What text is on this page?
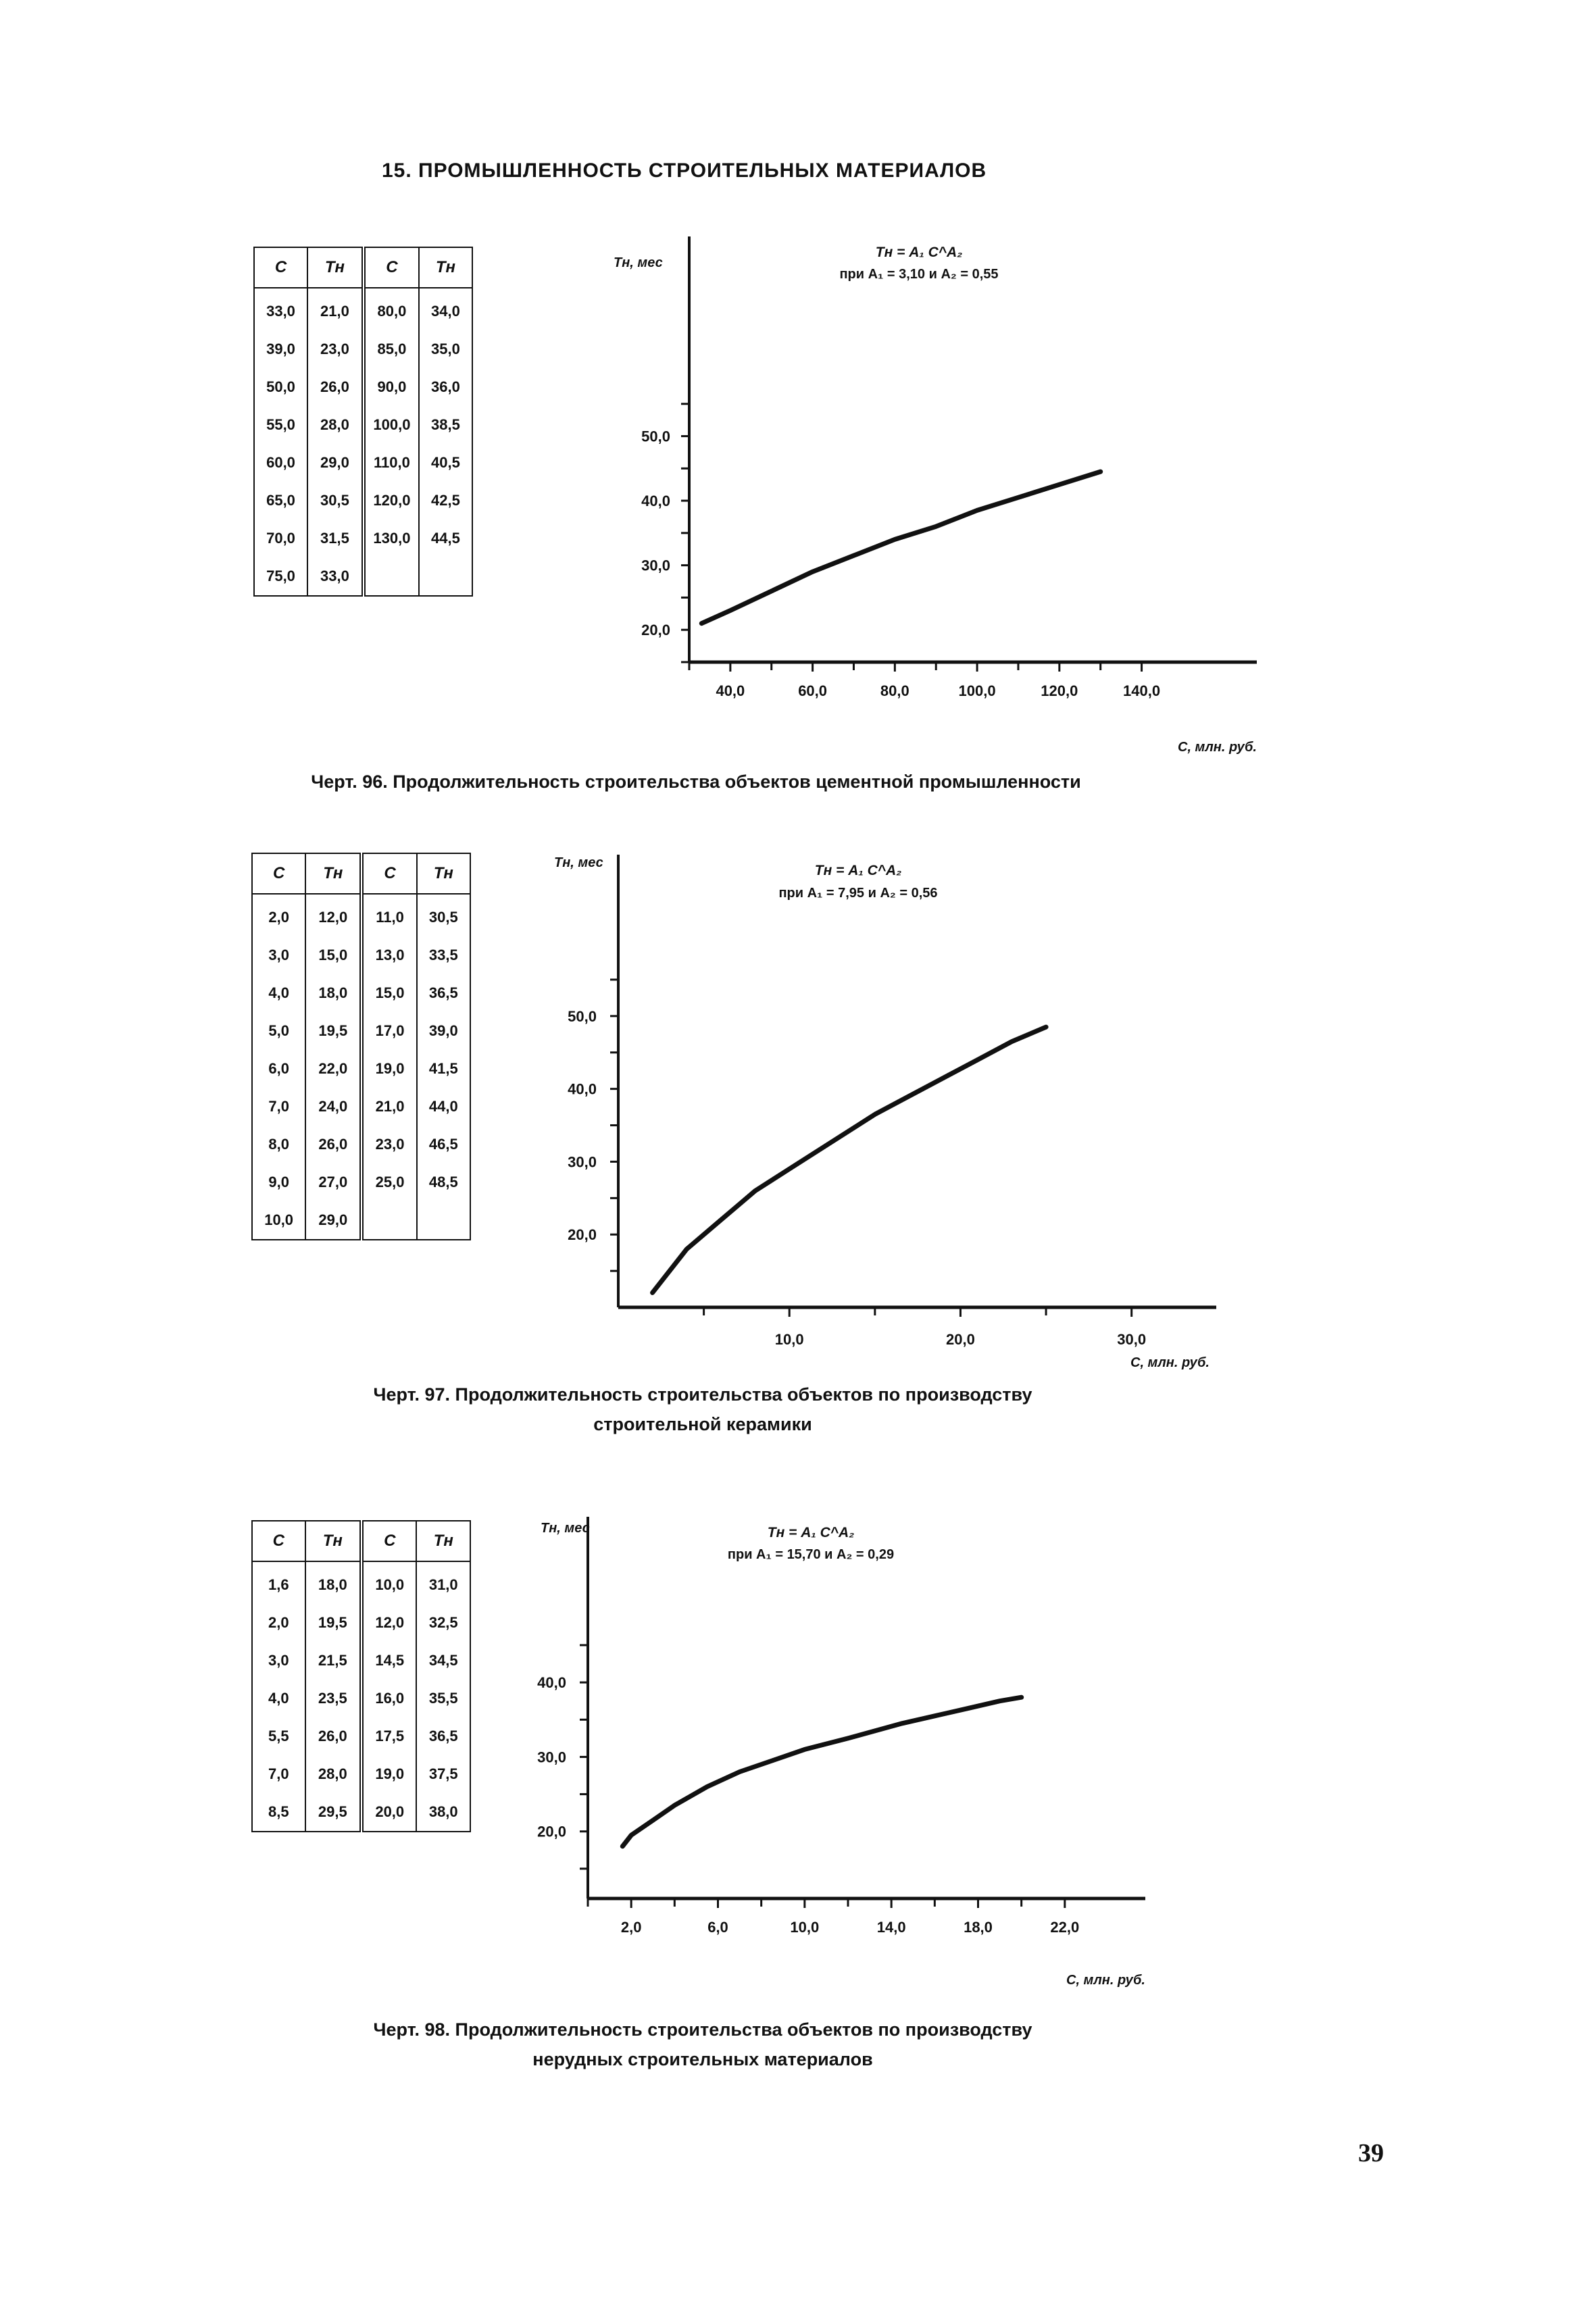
15. ПРОМЫШЛЕННОСТЬ СТРОИТЕЛЬНЫХ МАТЕРИАЛОВ
C	Tн	C	Tн
33,0	21,0	80,0	34,0
39,0	23,0	85,0	35,0
50,0	26,0	90,0	36,0
55,0	28,0	100,0	38,5
60,0	29,0	110,0	40,5
65,0	30,5	120,0	42,5
70,0	31,5	130,0	44,5
75,0	33,0		
40,0	60,0	80,0	100,0	120,0	140,0
20,0
30,0
40,0
50,0
Tн, мес
Tн = A₁ C^A₂
при A₁ = 3,10 и A₂ = 0,55
C, млн. руб.
Черт. 96. Продолжительность строительства объектов цементной промышленности
C	Tн	C	Tн
2,0	12,0	11,0	30,5
3,0	15,0	13,0	33,5
4,0	18,0	15,0	36,5
5,0	19,5	17,0	39,0
6,0	22,0	19,0	41,5
7,0	24,0	21,0	44,0
8,0	26,0	23,0	46,5
9,0	27,0	25,0	48,5
10,0	29,0		
10,0	20,0	30,0
20,0
30,0
40,0
50,0
Tн, мес	Tн = A₁ C^A₂
при A₁ = 7,95 и A₂ = 0,56
C, млн. руб.
Черт. 97. Продолжительность строительства объектов по производству
строительной керамики
C	Tн	C	Tн
1,6	18,0	10,0	31,0
2,0	19,5	12,0	32,5
3,0	21,5	14,5	34,5
4,0	23,5	16,0	35,5
5,5	26,0	17,5	36,5
7,0	28,0	19,0	37,5
8,5	29,5	20,0	38,0
2,0	6,0	10,0	14,0	18,0	22,0
20,0
30,0
40,0
Tн, мес	Tн = A₁ C^A₂
при A₁ = 15,70 и A₂ = 0,29
C, млн. руб.
Черт. 98. Продолжительность строительства объектов по производству
нерудных строительных материалов
39
